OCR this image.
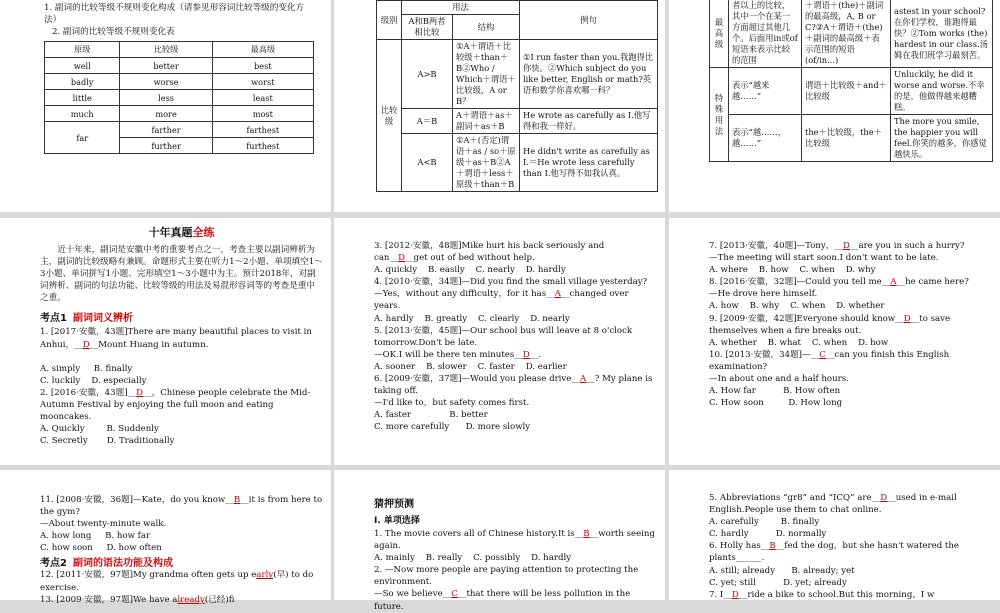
1. 副词的比较等级不规则变化构成（请参见形容词比较等级的变化方法）
2. 副词的比较等级不规则变化表
原级	比较级	最高级
well	better	best
badly	worse	worst
little	less	least
much	more	most
far	farther	farthest
	further	furthest
级别	用法		例句
	A和B两者相比较	结构	
比较级	A>B	①A＋谓语＋比较级＋than＋B②Who / Which＋谓语＋比较级，A or B？	①I run faster than you.我跑得比你快。②Which subject do you like better, English or math?英语和数学你喜欢哪一科？
	A＝B	A＋谓语＋as＋副词＋as＋B	He wrote as carefully as I.他写得和我一样好。
	A<B	①A＋(否定)谓语＋as / so＋原级＋as＋B②A＋谓语＋less＋原级＋than＋B	He didn't write as carefully as I.＝He wrote less carefully than I.他写得不如我认真。
最高级	者以上的比较，其中一个在某一方面超过其他几个。后面用in或of短语来表示比较的范围	＋谓语＋(the)＋副词的最高级，A, B or C?②A＋谓语＋(the)＋副词的最高级＋表示范围的短语(of/in...)	astest in your school?在你们学校，谁跑得最快？②Tom works (the) hardest in our class.汤姆在我们班学习最刻苦。
特殊用法	表示“越来越……”	谓语＋比较级＋and＋比较级	Unluckily, he did it worse and worse.不幸的是，他做得越来越糟糕。
	表示“越……，越……”	the＋比较级，the＋比较级	The more you smile, the happier you will feel.你笑的越多，你感觉越快乐。
十年真题全练
近十年来，副词是安徽中考的重要考点之一，考查主要以副词辨析为主，副词的比较级略有兼顾。命题形式主要在听力1～2小题、单项填空1～3小题、单词拼写1小题、完形填空1～3小题中为主。预计2018年，对副词辨析、副词的句法功能、比较等级的用法及易混形容词等的考查是重中之重。
考点1 副词词义辨析
1. [2017·安徽，43题]There are many beautiful places to visit in Anhui，__D__Mount Huang in autumn.
A. simply     B. finally
C. luckily    D. especially
2. [2016·安徽，43题]__D__，Chinese people celebrate the Mid-Autumn Festival by enjoying the full moon and eating mooncakes.
A. Quickly        B. Suddenly
C. Secretly       D. Traditionally
3. [2012·安徽，48题]Mike hurt his back seriously and can__D__get out of bed without help.
A. quickly    B. easily    C. nearly    D. hardly
4. [2010·安徽，34题]—Did you find the small village yesterday?
—Yes，without any difficulty，for it has__A__changed over years.
A. hardly    B. greatly    C. clearly    D. nearly
5. [2013·安徽，45题]—Our school bus will leave at 8 o'clock tomorrow.Don't be late.
—OK.I will be there ten minutes__D__.
A. sooner    B. slower    C. faster    D. earlier
6. [2009·安徽，37题]—Would you please drive__A__? My plane is taking off.
—I'd like to，but safety comes first.
A. faster              B. better
C. more carefully      D. more slowly
7. [2013·安徽，40题]—Tony，__D__are you in such a hurry?
—The meeting will start soon.I don't want to be late.
A. where    B. how    C. when    D. why
8. [2016·安徽，32题]—Could you tell me__A__he came here?
—He drove here himself.
A. how    B. why    C. when    D. whether
9. [2009·安徽，42题]Everyone should know__D__to save themselves when a fire breaks out.
A. whether    B. what    C. when    D. how
10. [2013·安徽，34题]—__C__can you finish this English examination?
—In about one and a half hours.
A. How far          B. How often
C. How soon         D. How long
11. [2008·安徽，36题]—Kate，do you know__B__it is from here to the gym?
—About twenty-minute walk.
A. how long     B. how far
C. how soon     D. how often
考点2 副词的语法功能及构成
12. [2011·安徽，97题]My grandma often gets up early(早) to do exercise.
13. [2009·安徽，97题]We have already(已经)fi
猜押预测
Ⅰ. 单项选择
1. The movie covers all of Chinese history.It is__B__worth seeing again.
A. mainly    B. really    C. possibly    D. hardly
2. —Now more people are paying attention to protecting the environment.
—So we believe__C__that there will be less pollution in the future.
5. Abbreviations “gr8” and “ICQ” are__D__used in e-mail English.People use them to chat online.
A. carefully        B. finally
C. hardly          D. normally
6. Holly has__B__fed the dog，but she hasn't watered the plants______.
A. still; already      B. already; yet
C. yet; still          D. yet; already
7. I__D__ride a bike to school.But this morning，I w
